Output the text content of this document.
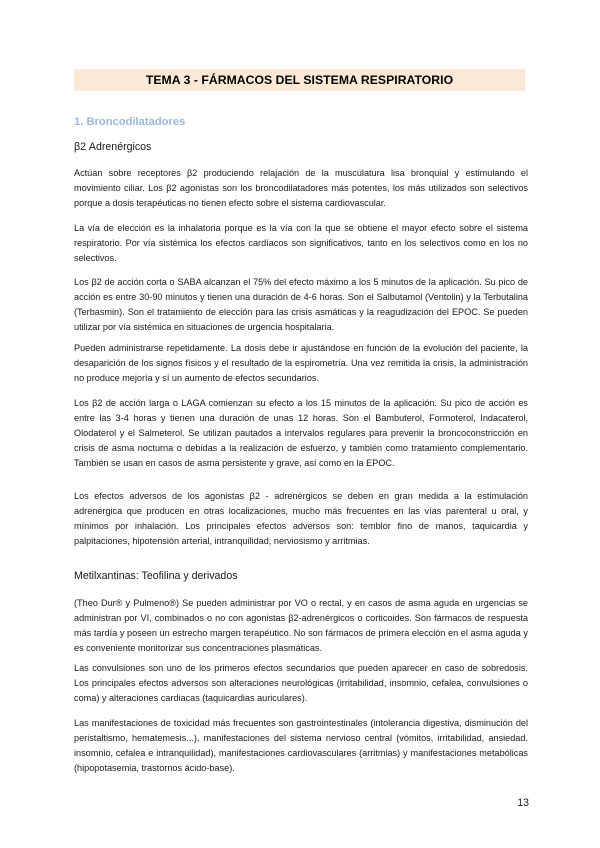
TEMA 3 - FÁRMACOS DEL SISTEMA RESPIRATORIO
1. Broncodilatadores
β2 Adrenérgicos
Actúan sobre receptores β2 produciendo relajación de la musculatura lisa bronquial y estimulando el movimiento ciliar. Los β2 agonistas son los broncodilatadores más potentes, los más utilizados son selectivos porque a dosis terapéuticas no tienen efecto sobre el sistema cardiovascular.
La vía de elección es la inhalatoria porque es la vía con la que se obtiene el mayor efecto sobre el sistema respiratorio. Por vía sistémica los efectos cardíacos son significativos, tanto en los selectivos como en los no selectivos.
Los β2 de acción corta o SABA alcanzan el 75% del efecto máximo a los 5 minutos de la aplicación. Su pico de acción es entre 30-90 minutos y tienen una duración de 4-6 horas. Son el Salbutamol (Ventolin) y la Terbutalina (Terbasmin). Son el tratamiento de elección para las crisis asmáticas y la reagudización del EPOC. Se pueden utilizar por vía sistémica en situaciones de urgencia hospitalaria.
Pueden administrarse repetidamente. La dosis debe ir ajustándose en función de la evolución del paciente, la desaparición de los signos físicos y el resultado de la espirometría. Una vez remitida la crisis, la administración no produce mejoría y sí un aumento de efectos secundarios.
Los β2 de acción larga o LAGA comienzan su efecto a los 15 minutos de la aplicación. Su pico de acción es entre las 3-4 horas y tienen una duración de unas 12 horas. Son el Bambuterol, Formoterol, Indacaterol, Olodaterol y el Salmeterol. Se utilizan pautados a intervalos regulares para prevenir la broncoconstricción en crisis de asma nocturna o debidas a la realización de esfuerzo, y también como tratamiento complementario. También se usan en casos de asma persistente y grave, así como en la EPOC.
Los efectos adversos de los agonistas β2 - adrenérgicos se deben en gran medida a la estimulación adrenérgica que producen en otras localizaciones, mucho más frecuentes en las vías parenteral u oral, y mínimos por inhalación. Los principales efectos adversos son: temblor fino de manos, taquicardia y palpitaciones, hipotensión arterial, intranquilidad, nerviosismo y arritmias.
Metilxantinas: Teofilina y derivados
(Theo Dur® y Pulmeno®) Se pueden administrar por VO o rectal, y en casos de asma aguda en urgencias se administran por VI, combinados o no con agonistas β2-adrenérgicos o corticoides. Son fármacos de respuesta más tardía y poseen un estrecho margen terapéutico. No son fármacos de primera elección en el asma aguda y es conveniente monitorizar sus concentraciones plasmáticas.
Las convulsiones son uno de los primeros efectos secundarios que pueden aparecer en caso de sobredosis. Los principales efectos adversos son alteraciones neurológicas (irritabilidad, insomnio, cefalea, convulsiones o coma) y alteraciones cardiacas (taquicardias auriculares).
Las manifestaciones de toxicidad más frecuentes son gastrointestinales (intolerancia digestiva, disminución del peristaltismo, hematemesis...), manifestaciones del sistema nervioso central (vómitos, irritabilidad, ansiedad. insomnio, cefalea e intranquilidad), manifestaciones cardiovasculares (arritmias) y manifestaciones metabólicas (hipopotasemia, trastornos ácido-base).
13
